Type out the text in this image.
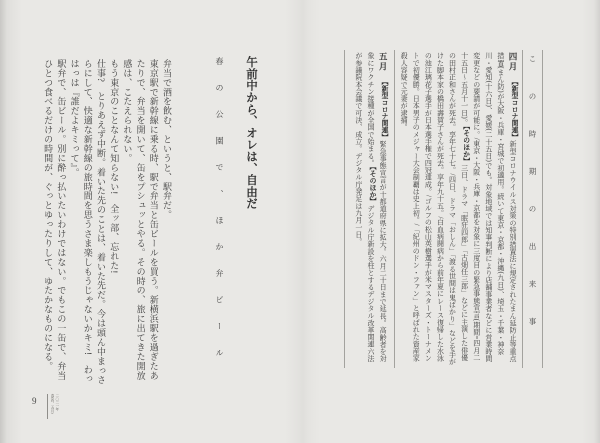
この時期の出来事
四月【新型コロナ関連】新型コロナウイルス対策の特別措置法に規定されたまん延防止等重点措置(まん防)が大阪・兵庫・宮城で初適用。続いて東京・京都・沖縄(九日)、埼玉・千葉・神奈川・愛知(十六日)、愛媛(二十五日)でも。対象地域では知事判断により店舗事業者などに営業時間変更などの要請が可能に。/東京・大阪・兵庫・京都を対象に三度目の緊急事態宣言(期間=四月二十五日〜五月十一日)。【そのほか】三日、ドラマ「眠狂四郎」「古畑任三郎」などに主演した俳優の田村正和さんが死去。享年七十七。/四日、ドラマ「おしん」「渡る世間は鬼ばかり」などを手がけた脚本家の橋田壽賀子さんが死去。享年九十五。/白血病闘病から前年夏にレース復帰した水泳の池江璃花子選手が日本選手権で四冠達成。/ゴルフの松山英樹選手が米マスターズ・トーナメントで初優勝。日本男子のメジャー大会制覇は史上初。/「紀州のドン・ファン」と呼ばれた資産家殺人容疑で元妻が逮捕。
五月【新型コロナ関連】緊急事態宣言が十都道府県に拡大。六月二十日まで延長。高齢者を対象にワクチン接種が全国で始まる。【そのほか】デジタル庁新設を柱とするデジタル改革関連六法が参議院本会議で可決、成立。デジタル庁発足は九月一日。
午前中から、オレは、自由だ
春の公園で、ほか弁ビール

弁当で酒を飲む、というと、駅弁だ。

東京駅で新幹線に乗る時、駅で弁当と缶ビールを買う。新横浜駅を過ぎたあたりで、弁当を開いて、缶をプシュッとやる。その時の、旅に出てきた開放感は、こたえられない。

もう東京のことなんて知らない!　全ッ部、忘れた!

仕事?　とりあえず中断。着いた先のことは、着いた先だ。今は頭ん中まっさらにして、快適な新幹線の旅時間を思うさま楽しもうじゃないかキミ!　わっはっは『誰だよキミって』。

駅弁で、缶ビール。別に酔っ払いたいわけではない。でもこの一缶で、弁当ひとつ食べるだけの時間が、ぐっとゆったりして、ゆたかなものになる。

9	二〇二一年
春(四、五月)
